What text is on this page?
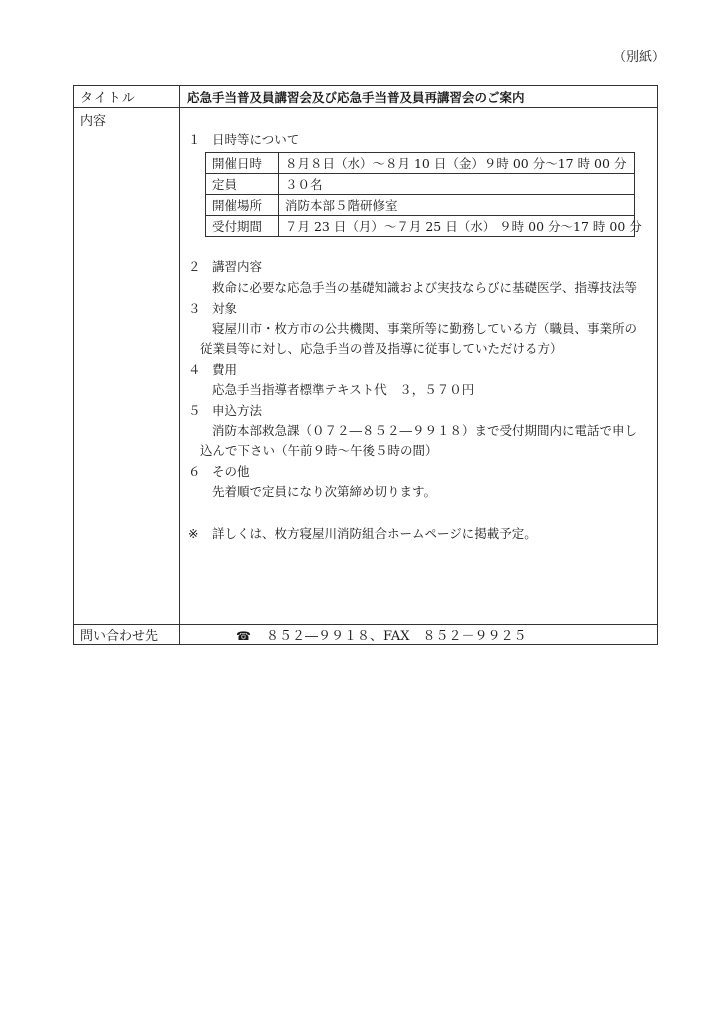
（別紙）
タイトル	応急手当普及員講習会及び応急手当普及員再講習会のご案内
内容	
１ 日時等について
開催日時	８月８日（水）～８月 10 日（金）９時 00 分～17 時 00 分
定員	３０名
開催場所	消防本部５階研修室
受付期間	７月 23 日（月）～７月 25 日（水） ９時 00 分～17 時 00 分
２ 講習内容
救命に必要な応急手当の基礎知識および実技ならびに基礎医学、指導技法等
３ 対象
寝屋川市・枚方市の公共機関、事業所等に勤務している方（職員、事業所の
従業員等に対し、応急手当の普及指導に従事していただける方）
４ 費用
応急手当指導者標準テキスト代　３，５７０円
５ 申込方法
消防本部救急課（０７２―８５２―９９１８）まで受付期間内に電話で申し
込んで下さい（午前９時～午後５時の間）
６ その他
先着順で定員になり次第締め切ります。
※ 詳しくは、枚方寝屋川消防組合ホームページに掲載予定。

問い合わせ先	☎ ８５２―９９１８、FAX　８５２－９９２５
